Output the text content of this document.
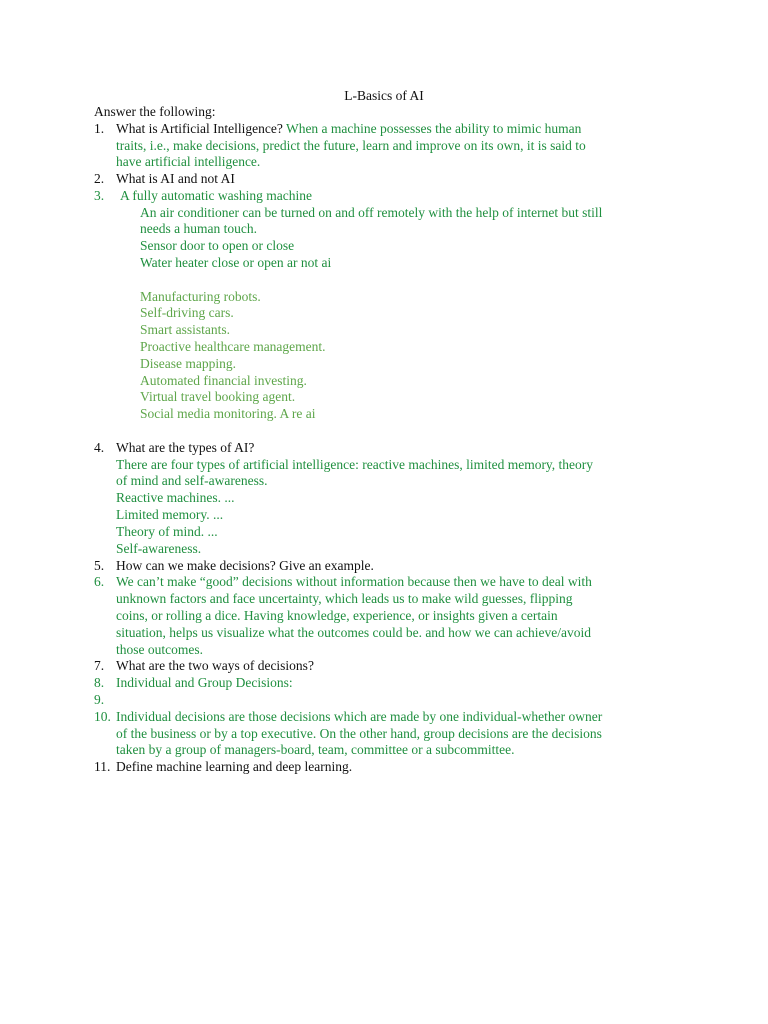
L-Basics of AI
Answer the following:
1. What is Artificial Intelligence? When a machine possesses the ability to mimic human
traits, i.e., make decisions, predict the future, learn and improve on its own, it is said to
have artificial intelligence.
2. What is AI and not AI
3. A fully automatic washing machine
An air conditioner can be turned on and off remotely with the help of internet but still
needs a human touch.
Sensor door to open or close
Water heater close or open ar not ai
Manufacturing robots.
Self-driving cars.
Smart assistants.
Proactive healthcare management.
Disease mapping.
Automated financial investing.
Virtual travel booking agent.
Social media monitoring. A re ai
4. What are the types of AI?
There are four types of artificial intelligence: reactive machines, limited memory, theory
of mind and self-awareness.
Reactive machines. ...
Limited memory. ...
Theory of mind. ...
Self-awareness.
5. How can we make decisions? Give an example.
6. We can’t make “good” decisions without information because then we have to deal with
unknown factors and face uncertainty, which leads us to make wild guesses, flipping
coins, or rolling a dice. Having knowledge, experience, or insights given a certain
situation, helps us visualize what the outcomes could be. and how we can achieve/avoid
those outcomes.
7. What are the two ways of decisions?
8. Individual and Group Decisions:
9.
10. Individual decisions are those decisions which are made by one individual-whether owner
of the business or by a top executive. On the other hand, group decisions are the decisions
taken by a group of managers-board, team, committee or a subcommittee.
11. Define machine learning and deep learning.
